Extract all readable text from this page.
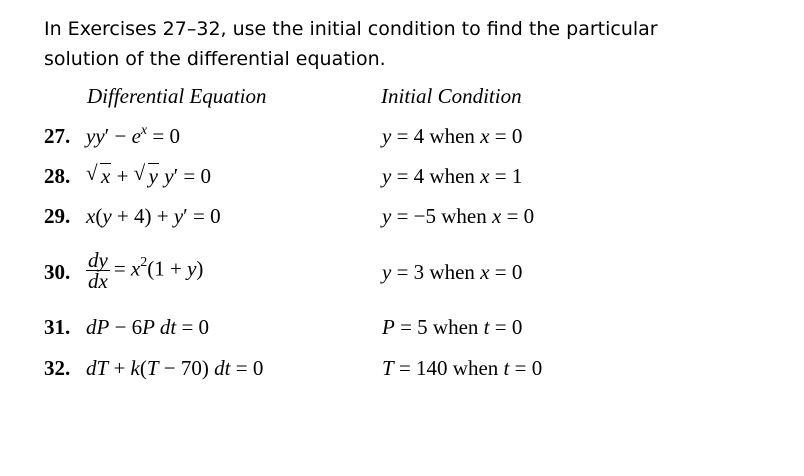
In Exercises 27–32, use the initial condition to find the particular
solution of the differential equation.
Differential Equation	Initial Condition
27. $yy' - e^x = 0$	y = 4 when x = 0
28. √ x + √ y y′ = 0	y = 4 when x = 1
29. x(y + 4) + y′ = 0	y = −5 when x = 0
30. $\frac{dy}{dx} = x^2(1 + y)$	y = 3 when x = 0
31. dP − 6P dt = 0	P = 5 when t = 0
32. dT + k(T − 70) dt = 0	T = 140 when t = 0
